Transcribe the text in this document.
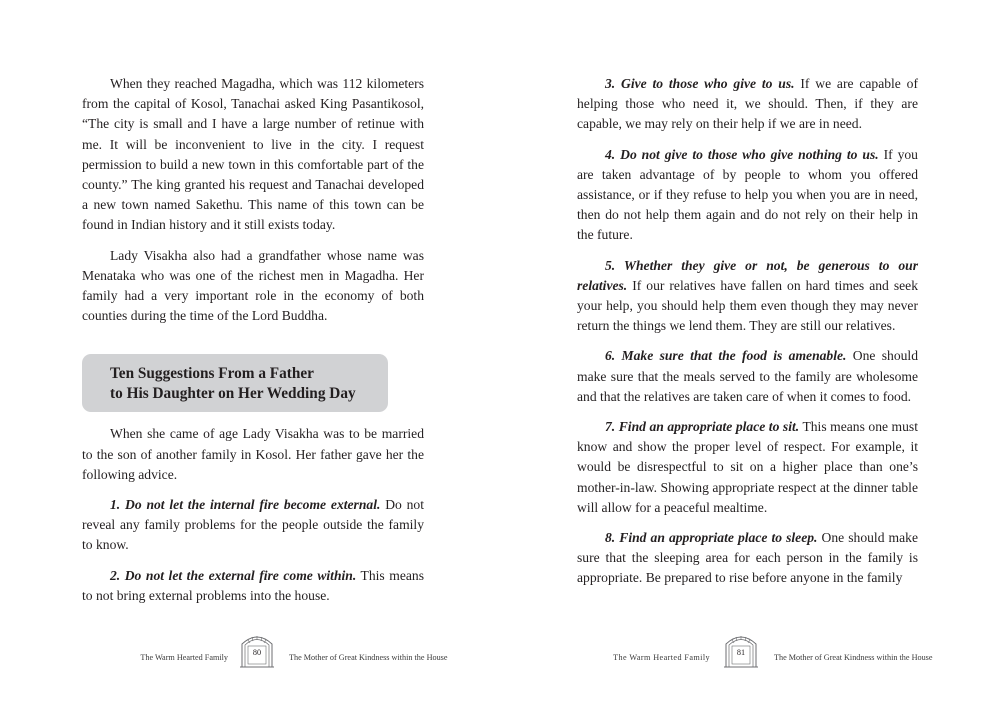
When they reached Magadha, which was 112 kilometers from the capital of Kosol, Tanachai asked King Pasantikosol, “The city is small and I have a large number of retinue with me. It will be inconvenient to live in the city. I request permission to build a new town in this comfortable part of the county.” The king granted his request and Tanachai developed a new town named Sakethu. This name of this town can be found in Indian history and it still exists today.

Lady Visakha also had a grandfather whose name was Menataka who was one of the richest men in Magadha. Her family had a very important role in the economy of both counties during the time of the Lord Buddha.

Ten Suggestions From a Father
to His Daughter on Her Wedding Day

When she came of age Lady Visakha was to be married to the son of another family in Kosol. Her father gave her the following advice.

1. Do not let the internal fire become external. Do not reveal any family problems for the people outside the family to know.

2. Do not let the external fire come within. This means to not bring external problems into the house.

The Warm Hearted Family
80
The Mother of Great Kindness within the House

3. Give to those who give to us. If we are capable of helping those who need it, we should. Then, if they are capable, we may rely on their help if we are in need.

4. Do not give to those who give nothing to us. If you are taken advantage of by people to whom you offered assistance, or if they refuse to help you when you are in need, then do not help them again and do not rely on their help in the future.

5. Whether they give or not, be generous to our relatives. If our relatives have fallen on hard times and seek your help, you should help them even though they may never return the things we lend them. They are still our relatives.

6. Make sure that the food is amenable. One should make sure that the meals served to the family are wholesome and that the relatives are taken care of when it comes to food.

7. Find an appropriate place to sit. This means one must know and show the proper level of respect. For example, it would be disrespectful to sit on a higher place than one’s mother-in-law. Showing appropriate respect at the dinner table will allow for a peaceful mealtime.

8. Find an appropriate place to sleep. One should make sure that the sleeping area for each person in the family is appropriate. Be prepared to rise before anyone in the family

The Warm Hearted Family
81
The Mother of Great Kindness within the House
